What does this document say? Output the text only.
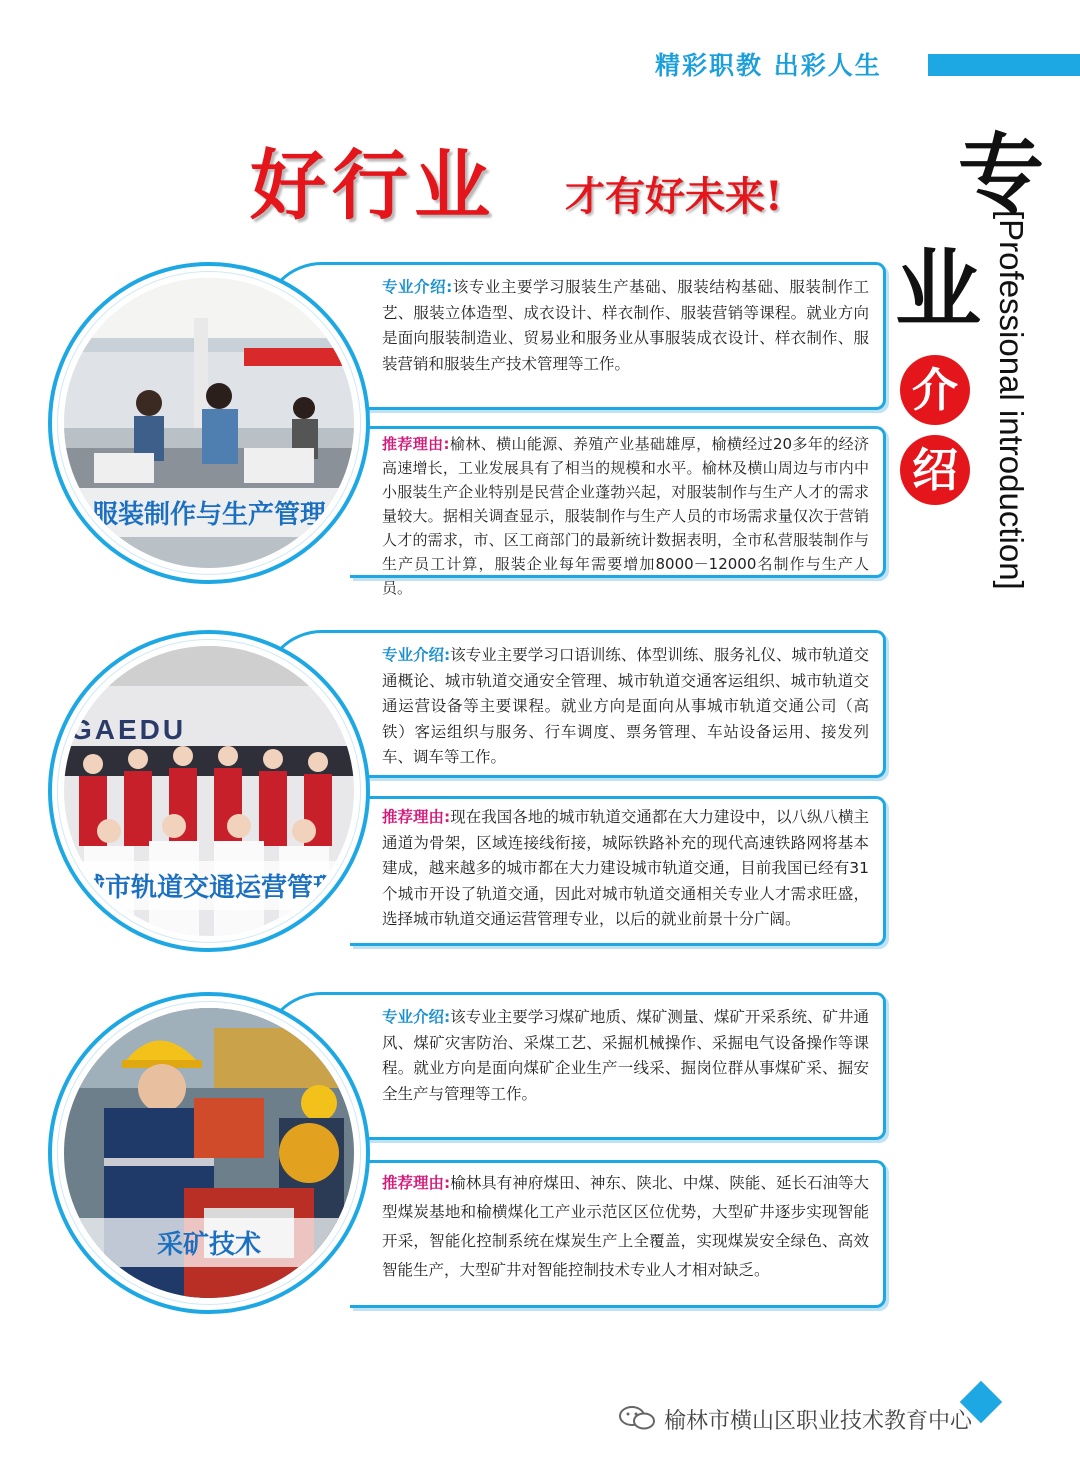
精彩职教 出彩人生
好行业 才有好未来! 专
业
介
绍	[Professional introduction]
专业介绍:该专业主要学习服装生产基础、服装结构基础、服装制作工艺、服装立体造型、成衣设计、样衣制作、服装营销等课程。就业方向是面向服装制造业、贸易业和服务业从事服装成衣设计、样衣制作、服装营销和服装生产技术管理等工作。
推荐理由:榆林、横山能源、养殖产业基础雄厚，榆横经过20多年的经济高速增长，工业发展具有了相当的规模和水平。榆林及横山周边与市内中小服装生产企业特别是民营企业蓬勃兴起，对服装制作与生产人才的需求量较大。据相关调查显示，服装制作与生产人员的市场需求量仅次于营销人才的需求，市、区工商部门的最新统计数据表明，全市私营服装制作与生产员工计算，服装企业每年需要增加8000－12000名制作与生产人员。
服装制作与生产管理
专业介绍:该专业主要学习口语训练、体型训练、服务礼仪、城市轨道交通概论、城市轨道交通安全管理、城市轨道交通客运组织、城市轨道交通运营设备等主要课程。就业方向是面向从事城市轨道交通公司（高铁）客运组织与服务、行车调度、票务管理、车站设备运用、接发列车、调车等工作。
推荐理由:现在我国各地的城市轨道交通都在大力建设中，以八纵八横主通道为骨架，区域连接线衔接，城际铁路补充的现代高速铁路网将基本建成，越来越多的城市都在大力建设城市轨道交通，目前我国已经有31个城市开设了轨道交通，因此对城市轨道交通相关专业人才需求旺盛，选择城市轨道交通运营管理专业，以后的就业前景十分广阔。
GAEDU
城市轨道交通运营管理
专业介绍:该专业主要学习煤矿地质、煤矿测量、煤矿开采系统、矿井通风、煤矿灾害防治、采煤工艺、采掘机械操作、采掘电气设备操作等课程。就业方向是面向煤矿企业生产一线采、掘岗位群从事煤矿采、掘安全生产与管理等工作。
推荐理由:榆林具有神府煤田、神东、陕北、中煤、陕能、延长石油等大型煤炭基地和榆横煤化工产业示范区区位优势，大型矿井逐步实现智能开采，智能化控制系统在煤炭生产上全覆盖，实现煤炭安全绿色、高效智能生产，大型矿井对智能控制技术专业人才相对缺乏。
采矿技术
榆林市横山区职业技术教育中心
